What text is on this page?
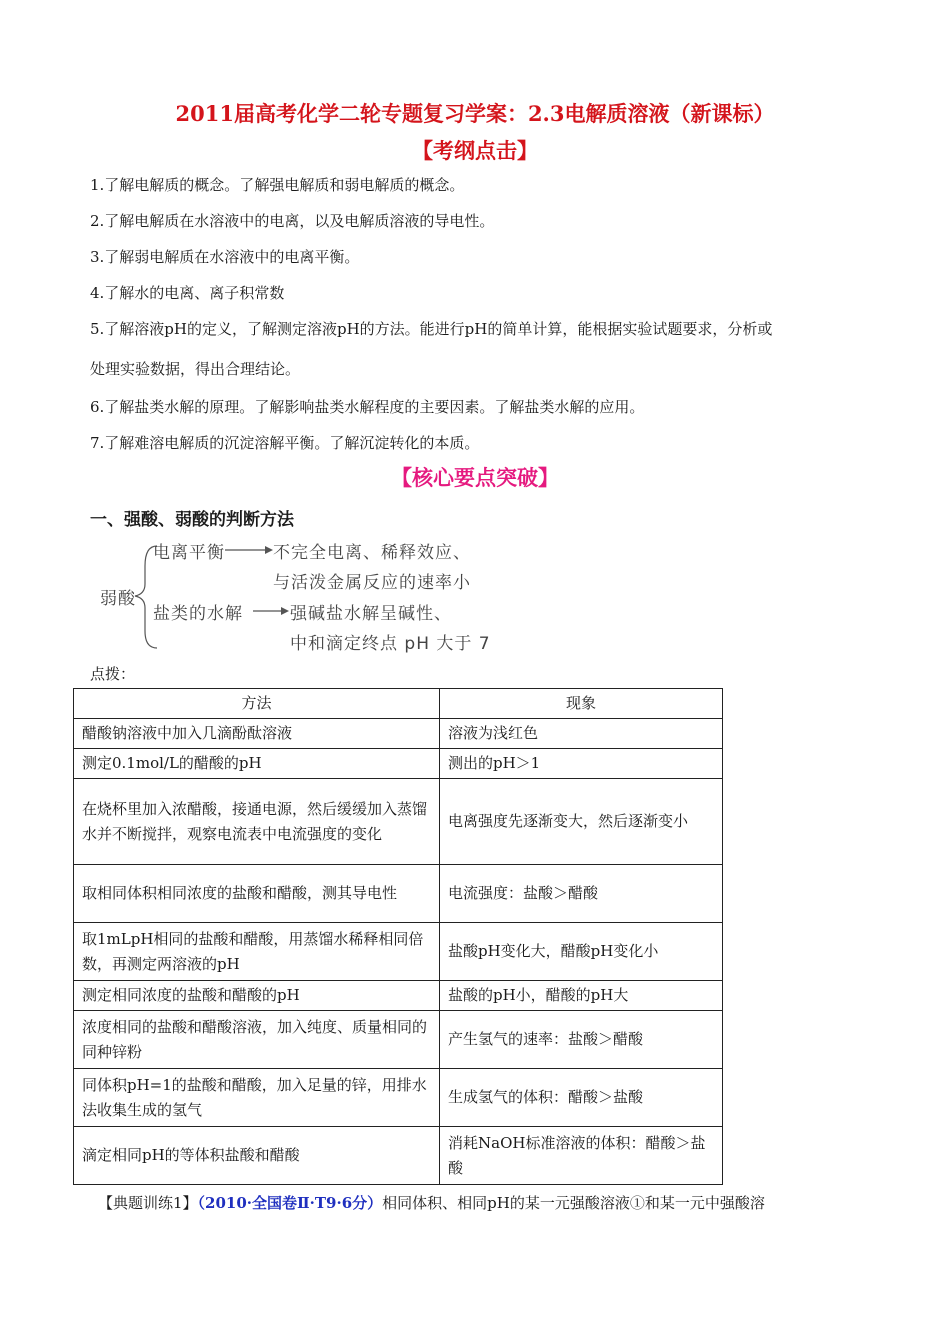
2011届高考化学二轮专题复习学案：2.3电解质溶液（新课标）
【考纲点击】
1.了解电解质的概念。了解强电解质和弱电解质的概念。
2.了解电解质在水溶液中的电离，以及电解质溶液的导电性。
3.了解弱电解质在水溶液中的电离平衡。
4.了解水的电离、离子积常数
5.了解溶液pH的定义，了解测定溶液pH的方法。能进行pH的简单计算，能根据实验试题要求，分析或
处理实验数据，得出合理结论。
6.了解盐类水解的原理。了解影响盐类水解程度的主要因素。了解盐类水解的应用。
7.了解难溶电解质的沉淀溶解平衡。了解沉淀转化的本质。
【核心要点突破】
一、强酸、弱酸的判断方法
弱酸
电离平衡	不完全电离、稀释效应、
与活泼金属反应的速率小
盐类的水解	强碱盐水解呈碱性、
中和滴定终点 pH 大于 7
点拨：
方法	现象
醋酸钠溶液中加入几滴酚酞溶液	溶液为浅红色
测定0.1mol/L的醋酸的pH	测出的pH＞1
在烧杯里加入浓醋酸，接通电源，然后缓缓加入蒸馏水并不断搅拌，观察电流表中电流强度的变化	电离强度先逐渐变大，然后逐渐变小
取相同体积相同浓度的盐酸和醋酸，测其导电性	电流强度：盐酸＞醋酸
取1mLpH相同的盐酸和醋酸，用蒸馏水稀释相同倍数，再测定两溶液的pH	盐酸pH变化大，醋酸pH变化小
测定相同浓度的盐酸和醋酸的pH	盐酸的pH小，醋酸的pH大
浓度相同的盐酸和醋酸溶液，加入纯度、质量相同的同种锌粉	产生氢气的速率：盐酸＞醋酸
同体积pH=1的盐酸和醋酸，加入足量的锌，用排水法收集生成的氢气	生成氢气的体积：醋酸＞盐酸
滴定相同pH的等体积盐酸和醋酸	消耗NaOH标准溶液的体积：醋酸＞盐酸
【典题训练1】（2010·全国卷Ⅱ·T9·6分）相同体积、相同pH的某一元强酸溶液①和某一元中强酸溶
